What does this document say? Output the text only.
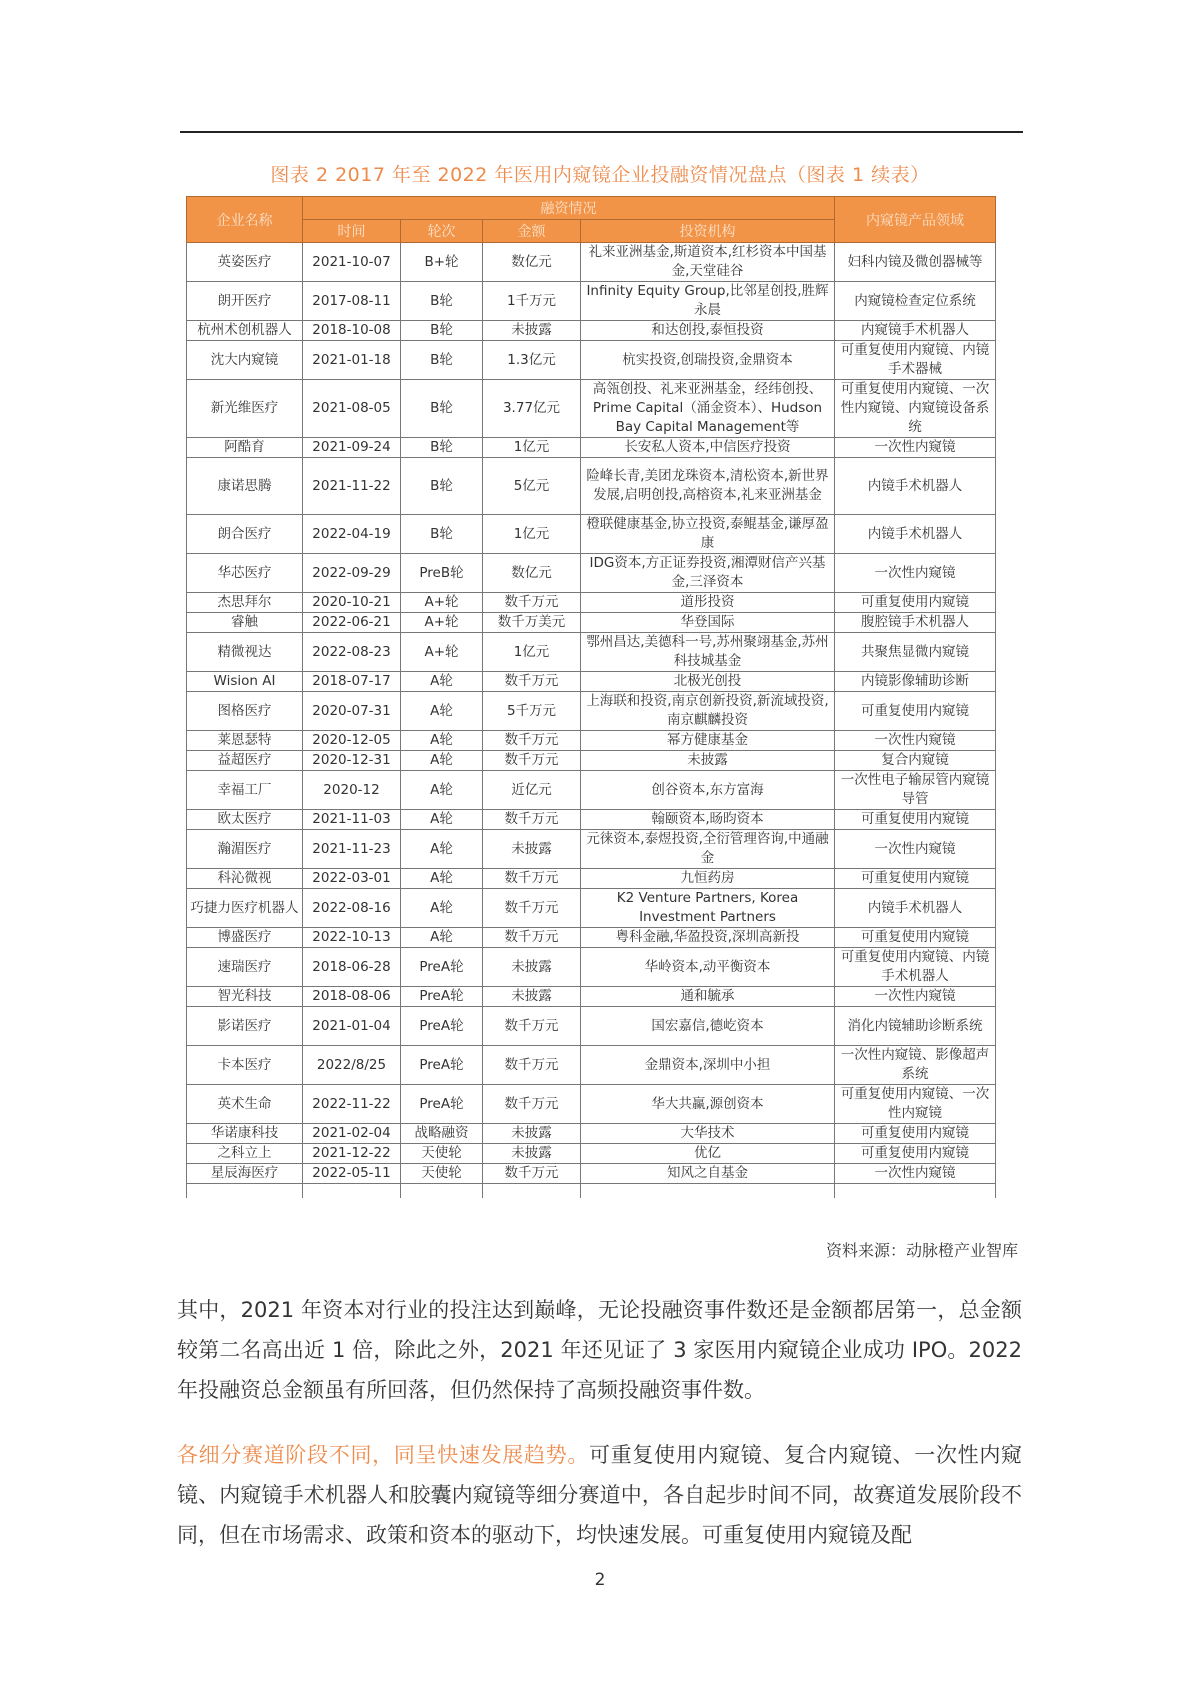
图表 2 2017 年至 2022 年医用内窥镜企业投融资情况盘点（图表 1 续表）
企业名称	融资情况				内窥镜产品领域
	时间	轮次	金额	投资机构	
英姿医疗	2021-10-07	B+轮	数亿元	礼来亚洲基金,斯道资本,红杉资本中国基金,天堂硅谷	妇科内镜及微创器械等
朗开医疗	2017-08-11	B轮	1千万元	Infinity Equity Group,比邻星创投,胜辉永晨	内窥镜检查定位系统
杭州术创机器人	2018-10-08	B轮	未披露	和达创投,泰恒投资	内窥镜手术机器人
沈大内窥镜	2021-01-18	B轮	1.3亿元	杭实投资,创瑞投资,金鼎资本	可重复使用内窥镜、内镜手术器械
新光维医疗	2021-08-05	B轮	3.77亿元	高瓴创投、礼来亚洲基金，经纬创投、Prime Capital（涌金资本）、Hudson Bay Capital Management等	可重复使用内窥镜、一次性内窥镜、内窥镜设备系统
阿酷育	2021-09-24	B轮	1亿元	长安私人资本,中信医疗投资	一次性内窥镜
康诺思腾	2021-11-22	B轮	5亿元	险峰长青,美团龙珠资本,清松资本,新世界发展,启明创投,高榕资本,礼来亚洲基金	内镜手术机器人
朗合医疗	2022-04-19	B轮	1亿元	橙联健康基金,协立投资,泰鲲基金,谦厚盈康	内镜手术机器人
华芯医疗	2022-09-29	PreB轮	数亿元	IDG资本,方正证券投资,湘潭财信产兴基金,三泽资本	一次性内窥镜
杰思拜尔	2020-10-21	A+轮	数千万元	道彤投资	可重复使用内窥镜
睿触	2022-06-21	A+轮	数千万美元	华登国际	腹腔镜手术机器人
精微视达	2022-08-23	A+轮	1亿元	鄂州昌达,美德科一号,苏州聚翊基金,苏州科技城基金	共聚焦显微内窥镜
Wision AI	2018-07-17	A轮	数千万元	北极光创投	内镜影像辅助诊断
图格医疗	2020-07-31	A轮	5千万元	上海联和投资,南京创新投资,新流域投资,南京麒麟投资	可重复使用内窥镜
莱恩瑟特	2020-12-05	A轮	数千万元	幂方健康基金	一次性内窥镜
益超医疗	2020-12-31	A轮	数千万元	未披露	复合内窥镜
幸福工厂	2020-12	A轮	近亿元	创谷资本,东方富海	一次性电子输尿管内窥镜导管
欧太医疗	2021-11-03	A轮	数千万元	翰颐资本,旸昀资本	可重复使用内窥镜
瀚湄医疗	2021-11-23	A轮	未披露	元徕资本,泰煜投资,全衍管理咨询,中通融金	一次性内窥镜
科沁微视	2022-03-01	A轮	数千万元	九恒药房	可重复使用内窥镜
巧捷力医疗机器人	2022-08-16	A轮	数千万元	K2 Venture Partners, Korea Investment Partners	内镜手术机器人
博盛医疗	2022-10-13	A轮	数千万元	粤科金融,华盈投资,深圳高新投	可重复使用内窥镜
速瑞医疗	2018-06-28	PreA轮	未披露	华岭资本,动平衡资本	可重复使用内窥镜、内镜手术机器人
智光科技	2018-08-06	PreA轮	未披露	通和毓承	一次性内窥镜
影诺医疗	2021-01-04	PreA轮	数千万元	国宏嘉信,德屹资本	消化内镜辅助诊断系统
卡本医疗	2022/8/25	PreA轮	数千万元	金鼎资本,深圳中小担	一次性内窥镜、影像超声系统
英术生命	2022-11-22	PreA轮	数千万元	华大共赢,源创资本	可重复使用内窥镜、一次性内窥镜
华诺康科技	2021-02-04	战略融资	未披露	大华技术	可重复使用内窥镜
之科立上	2021-12-22	天使轮	未披露	优亿	可重复使用内窥镜
星辰海医疗	2022-05-11	天使轮	数千万元	知风之自基金	一次性内窥镜

资料来源：动脉橙产业智库
其中，2021 年资本对行业的投注达到巅峰，无论投融资事件数还是金额都居第一，总金额较第二名高出近 1 倍，除此之外，2021 年还见证了 3 家医用内窥镜企业成功 IPO。2022 年投融资总金额虽有所回落，但仍然保持了高频投融资事件数。
各细分赛道阶段不同，同呈快速发展趋势。可重复使用内窥镜、复合内窥镜、一次性内窥镜、内窥镜手术机器人和胶囊内窥镜等细分赛道中，各自起步时间不同，故赛道发展阶段不同，但在市场需求、政策和资本的驱动下，均快速发展。可重复使用内窥镜及配
2
